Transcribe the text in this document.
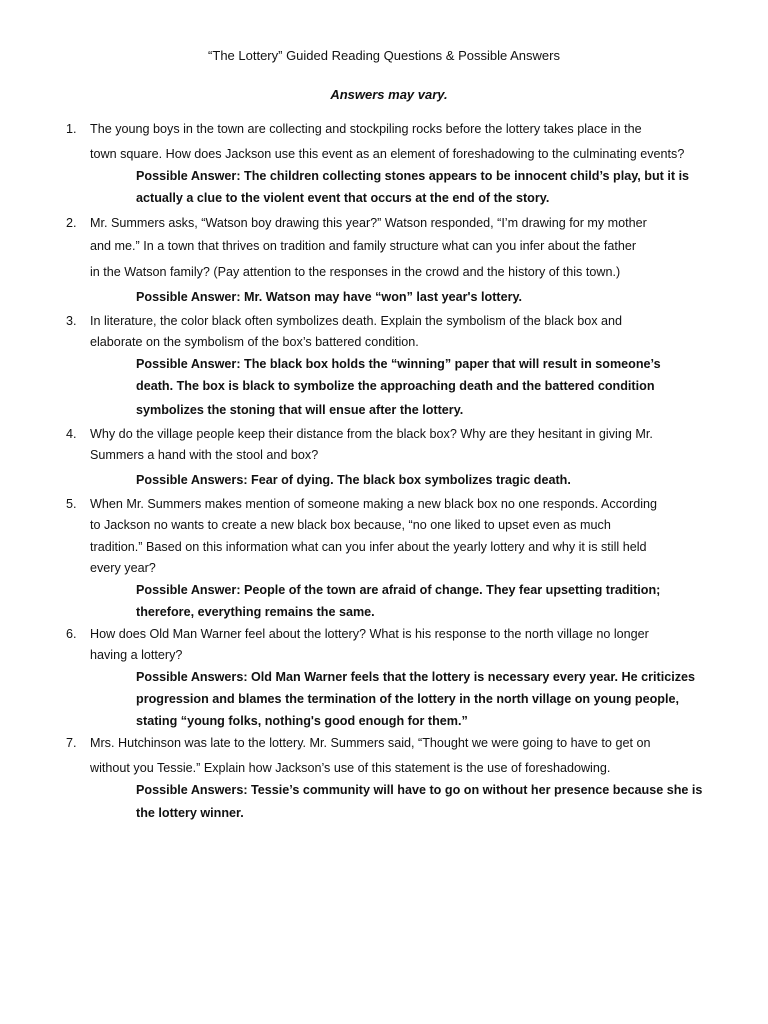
“The Lottery” Guided Reading Questions & Possible Answers
Answers may vary.
1.	The young boys in the town are collecting and stockpiling rocks before the lottery takes place in the
town square. How does Jackson use this event as an element of foreshadowing to the culminating events?
Possible Answer: The children collecting stones appears to be innocent child’s play, but it is
actually a clue to the violent event that occurs at the end of the story.
2.	Mr. Summers asks, “Watson boy drawing this year?” Watson responded, “I’m drawing for my mother
and me.” In a town that thrives on tradition and family structure what can you infer about the father
in the Watson family? (Pay attention to the responses in the crowd and the history of this town.)
Possible Answer: Mr. Watson may have “won” last year's lottery.
3.	In literature, the color black often symbolizes death. Explain the symbolism of the black box and
elaborate on the symbolism of the box’s battered condition.
Possible Answer: The black box holds the “winning” paper that will result in someone’s
death. The box is black to symbolize the approaching death and the battered condition
symbolizes the stoning that will ensue after the lottery.
4.	Why do the village people keep their distance from the black box? Why are they hesitant in giving Mr.
Summers a hand with the stool and box?
Possible Answers: Fear of dying. The black box symbolizes tragic death.
5.	When Mr. Summers makes mention of someone making a new black box no one responds. According
to Jackson no wants to create a new black box because, “no one liked to upset even as much
tradition.” Based on this information what can you infer about the yearly lottery and why it is still held
every year?
Possible Answer: People of the town are afraid of change. They fear upsetting tradition;
therefore, everything remains the same.
6.	How does Old Man Warner feel about the lottery? What is his response to the north village no longer
having a lottery?
Possible Answers: Old Man Warner feels that the lottery is necessary every year. He criticizes
progression and blames the termination of the lottery in the north village on young people,
stating “young folks, nothing's good enough for them.”
7.	Mrs. Hutchinson was late to the lottery. Mr. Summers said, “Thought we were going to have to get on
without you Tessie.” Explain how Jackson’s use of this statement is the use of foreshadowing.
Possible Answers: Tessie’s community will have to go on without her presence because she is
the lottery winner.
